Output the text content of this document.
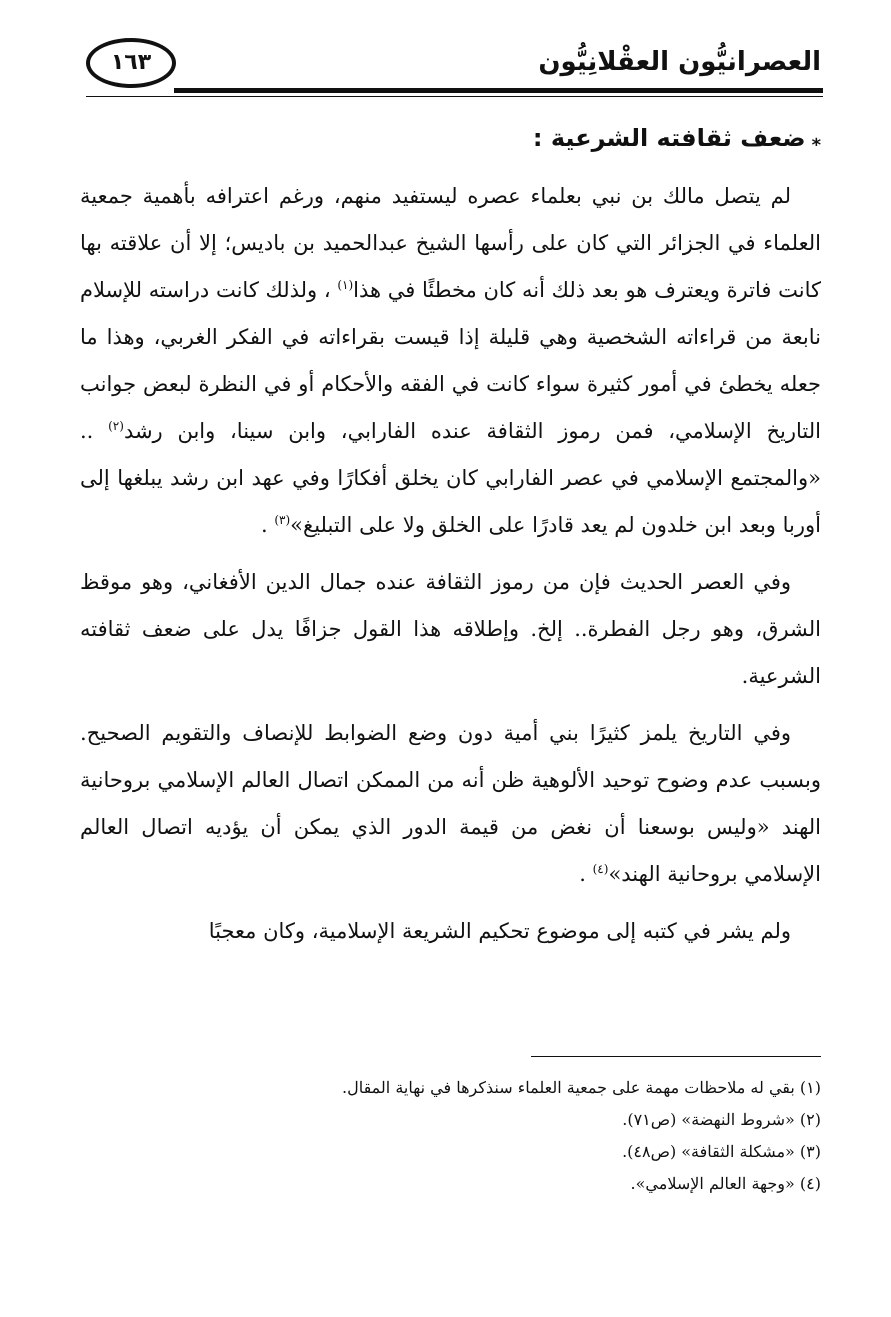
العصرانيُّون العقْلانِيُّون
١٦٣
⁎ضعف ثقافته الشرعية :

لم يتصل مالك بن نبي بعلماء عصره ليستفيد منهم، ورغم اعترافه بأهمية جمعية العلماء في الجزائر التي كان على رأسها الشيخ عبدالحميد بن باديس؛ إلا أن علاقته بها كانت فاترة ويعترف هو بعد ذلك أنه كان مخطئًا في هذا$^{(١)}$ ، ولذلك كانت دراسته للإسلام نابعة من قراءاته الشخصية وهي قليلة إذا قيست بقراءاته في الفكر الغربي، وهذا ما جعله يخطئ في أمور كثيرة سواء كانت في الفقه والأحكام أو في النظرة لبعض جوانب التاريخ الإسلامي، فمن رموز الثقافة عنده الفارابي، وابن سينا، وابن رشد$^{(٢)}$ .. «والمجتمع الإسلامي في عصر الفارابي كان يخلق أفكارًا وفي عهد ابن رشد يبلغها إلى أوربا وبعد ابن خلدون لم يعد قادرًا على الخلق ولا على التبليغ»$^{(٣)}$ .

وفي العصر الحديث فإن من رموز الثقافة عنده جمال الدين الأفغاني، وهو موقظ الشرق، وهو رجل الفطرة.. إلخ. وإطلاقه هذا القول جزافًا يدل على ضعف ثقافته الشرعية.

وفي التاريخ يلمز كثيرًا بني أمية دون وضع الضوابط للإنصاف والتقويم الصحيح. وبسبب عدم وضوح توحيد الألوهية ظن أنه من الممكن اتصال العالم الإسلامي بروحانية الهند «وليس بوسعنا أن نغض من قيمة الدور الذي يمكن أن يؤديه اتصال العالم الإسلامي بروحانية الهند»$^{(٤)}$ .

ولم يشر في كتبه إلى موضوع تحكيم الشريعة الإسلامية، وكان معجبًا

(١) بقي له ملاحظات مهمة على جمعية العلماء سنذكرها في نهاية المقال.

(٢) «شروط النهضة» (ص٧١).

(٣) «مشكلة الثقافة» (ص٤٨).

(٤) «وجهة العالم الإسلامي».
